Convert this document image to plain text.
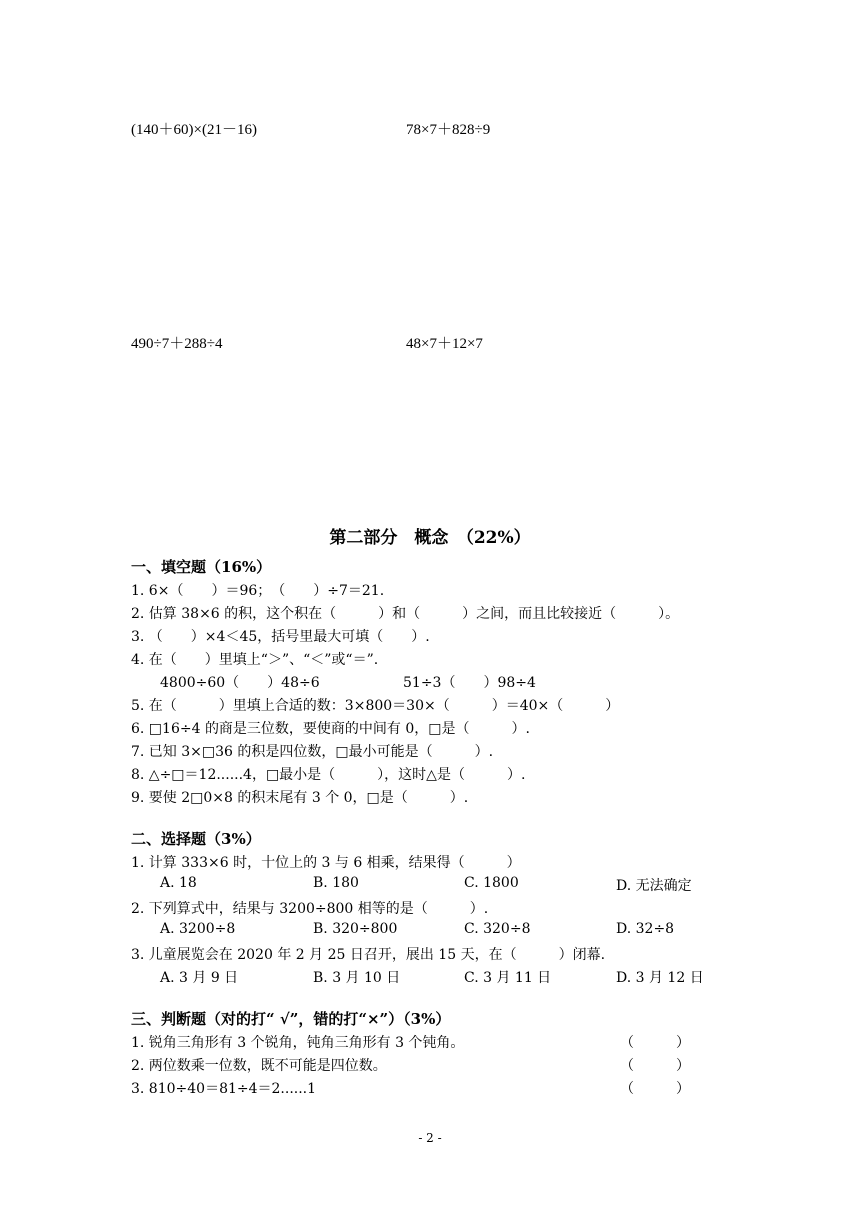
(140＋60)×(21－16)	78×7＋828÷9
490÷7＋288÷4	48×7＋12×7
第二部分　概念　（22%）
一、填空题（16%）
1. 6×（　　）＝96；　（　　）÷7＝21.
2. 估算 38×6 的积，这个积在（　　　）和（　　　）之间，而且比较接近（　　　）。
3. （　　）×4＜45，括号里最大可填（　　）.
4. 在（　　）里填上“＞”、“＜”或“＝”.
4800÷60（　　）48÷6	51÷3（　　）98÷4
5. 在（　　　）里填上合适的数：3×800＝30×（　　　）＝40×（　　　）
6. □16÷4 的商是三位数，要使商的中间有 0，□是（　　　）.
7. 已知 3×□36 的积是四位数，□最小可能是（　　　）.
8. △÷□＝12......4，□最小是（　　　），这时△是（　　　）.
9. 要使 2□0×8 的积末尾有 3 个 0，□是（　　　）.
二、选择题（3%）
1. 计算 333×6 时，十位上的 3 与 6 相乘，结果得（　　　）
A. 18	B. 180	C. 1800	D. 无法确定
2. 下列算式中，结果与 3200÷800 相等的是（　　　）.
A. 3200÷8	B. 320÷800	C. 320÷8	D. 32÷8
3. 儿童展览会在 2020 年 2 月 25 日召开，展出 15 天，在（　　　）闭幕.
A. 3 月 9 日	B. 3 月 10 日	C. 3 月 11 日	D. 3 月 12 日
三、判断题（对的打“ √”，错的打“×”）（3%）
1. 锐角三角形有 3 个锐角，钝角三角形有 3 个钝角。	（　　　）
2. 两位数乘一位数，既不可能是四位数。	（　　　）
3. 810÷40＝81÷4＝2......1	（　　　）
- 2 -
